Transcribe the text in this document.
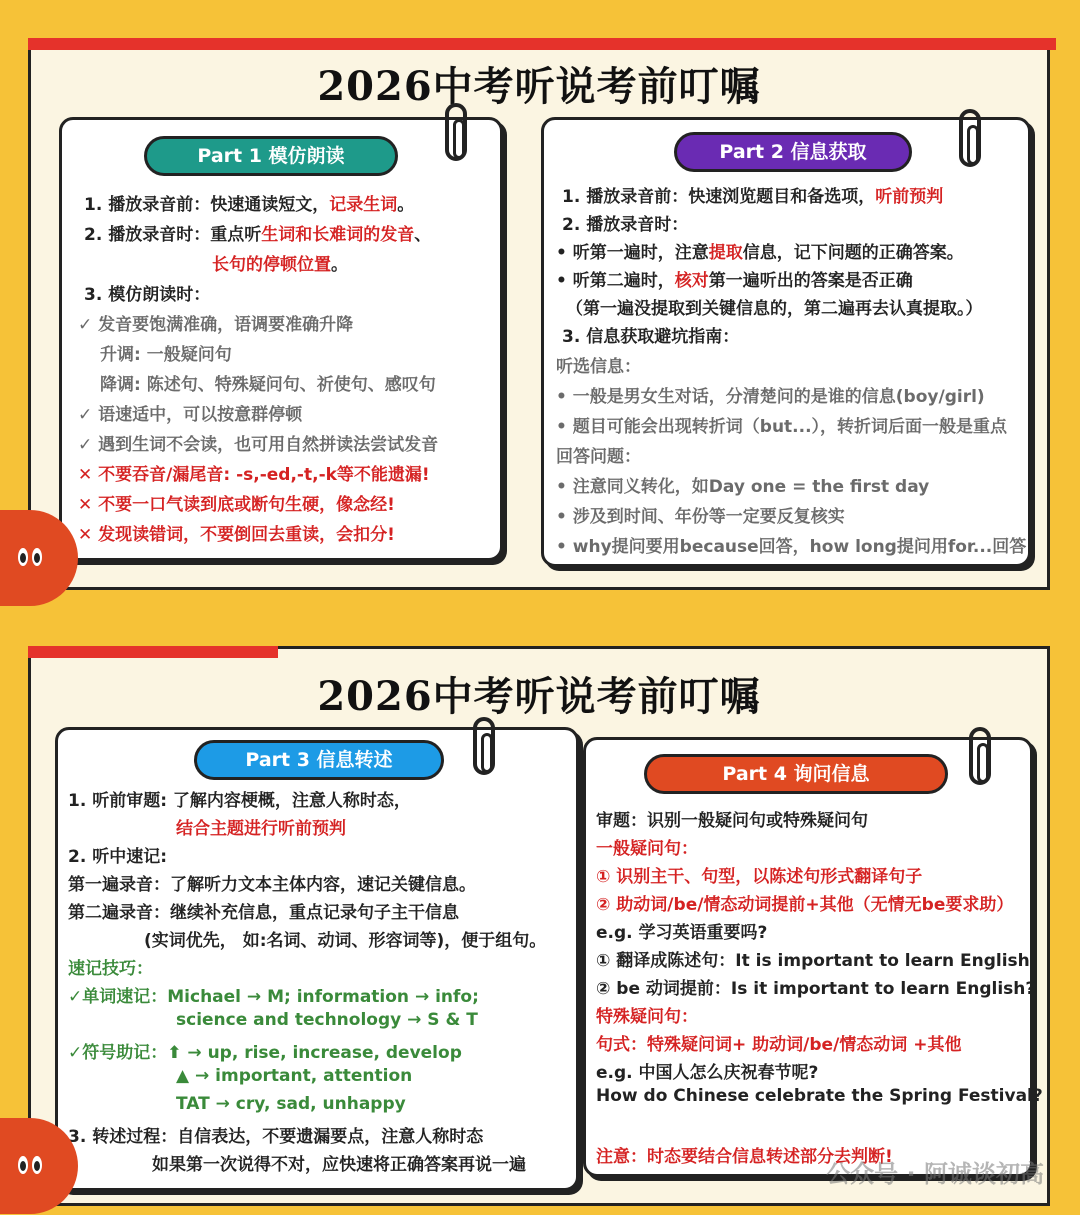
2026中考听说考前叮嘱
Part 1 模仿朗读
1. 播放录音前：快速通读短文，记录生词。
2. 播放录音时：重点听生词和长难词的发音、
长句的停顿位置。
3. 模仿朗读时：
✓ 发音要饱满准确，语调要准确升降
升调: 一般疑问句
降调: 陈述句、特殊疑问句、祈使句、感叹句
✓ 语速适中，可以按意群停顿
✓ 遇到生词不会读，也可用自然拼读法尝试发音
✕ 不要吞音/漏尾音: -s,-ed,-t,-k等不能遗漏!
✕ 不要一口气读到底或断句生硬，像念经!
✕ 发现读错词，不要倒回去重读，会扣分!
Part 2 信息获取
1. 播放录音前：快速浏览题目和备选项，听前预判
2. 播放录音时：
• 听第一遍时，注意提取信息，记下问题的正确答案。
• 听第二遍时，核对第一遍听出的答案是否正确
（第一遍没提取到关键信息的，第二遍再去认真提取。）
3. 信息获取避坑指南：
听选信息：
• 一般是男女生对话，分清楚问的是谁的信息(boy/girl)
• 题目可能会出现转折词（but...），转折词后面一般是重点
回答问题：
• 注意同义转化，如Day one = the first day
• 涉及到时间、年份等一定要反复核实
• why提问要用because回答，how long提问用for...回答
2026中考听说考前叮嘱
Part 3 信息转述
1. 听前审题: 了解内容梗概，注意人称时态，
结合主题进行听前预判
2. 听中速记:
第一遍录音：了解听力文本主体内容，速记关键信息。
第二遍录音：继续补充信息，重点记录句子主干信息
(实词优先， 如:名词、动词、形容词等)，便于组句。
速记技巧：
✓单词速记：Michael → M; information → info;
science and technology → S & T
✓符号助记：⬆ → up, rise, increase, develop
▲ → important, attention
TAT → cry, sad, unhappy
3. 转述过程：自信表达，不要遗漏要点，注意人称时态
如果第一次说得不对，应快速将正确答案再说一遍
Part 4 询问信息
审题：识别一般疑问句或特殊疑问句
一般疑问句：
① 识别主干、句型，以陈述句形式翻译句子
② 助动词/be/情态动词提前+其他（无情无be要求助）
e.g. 学习英语重要吗?
① 翻译成陈述句：It is important to learn English.
② be 动词提前：Is it important to learn English?
特殊疑问句：
句式：特殊疑问词+ 助动词/be/情态动词 +其他
e.g. 中国人怎么庆祝春节呢?
How do Chinese celebrate the Spring Festival?
注意：时态要结合信息转述部分去判断!
公众号 · 阿诚谈初高
